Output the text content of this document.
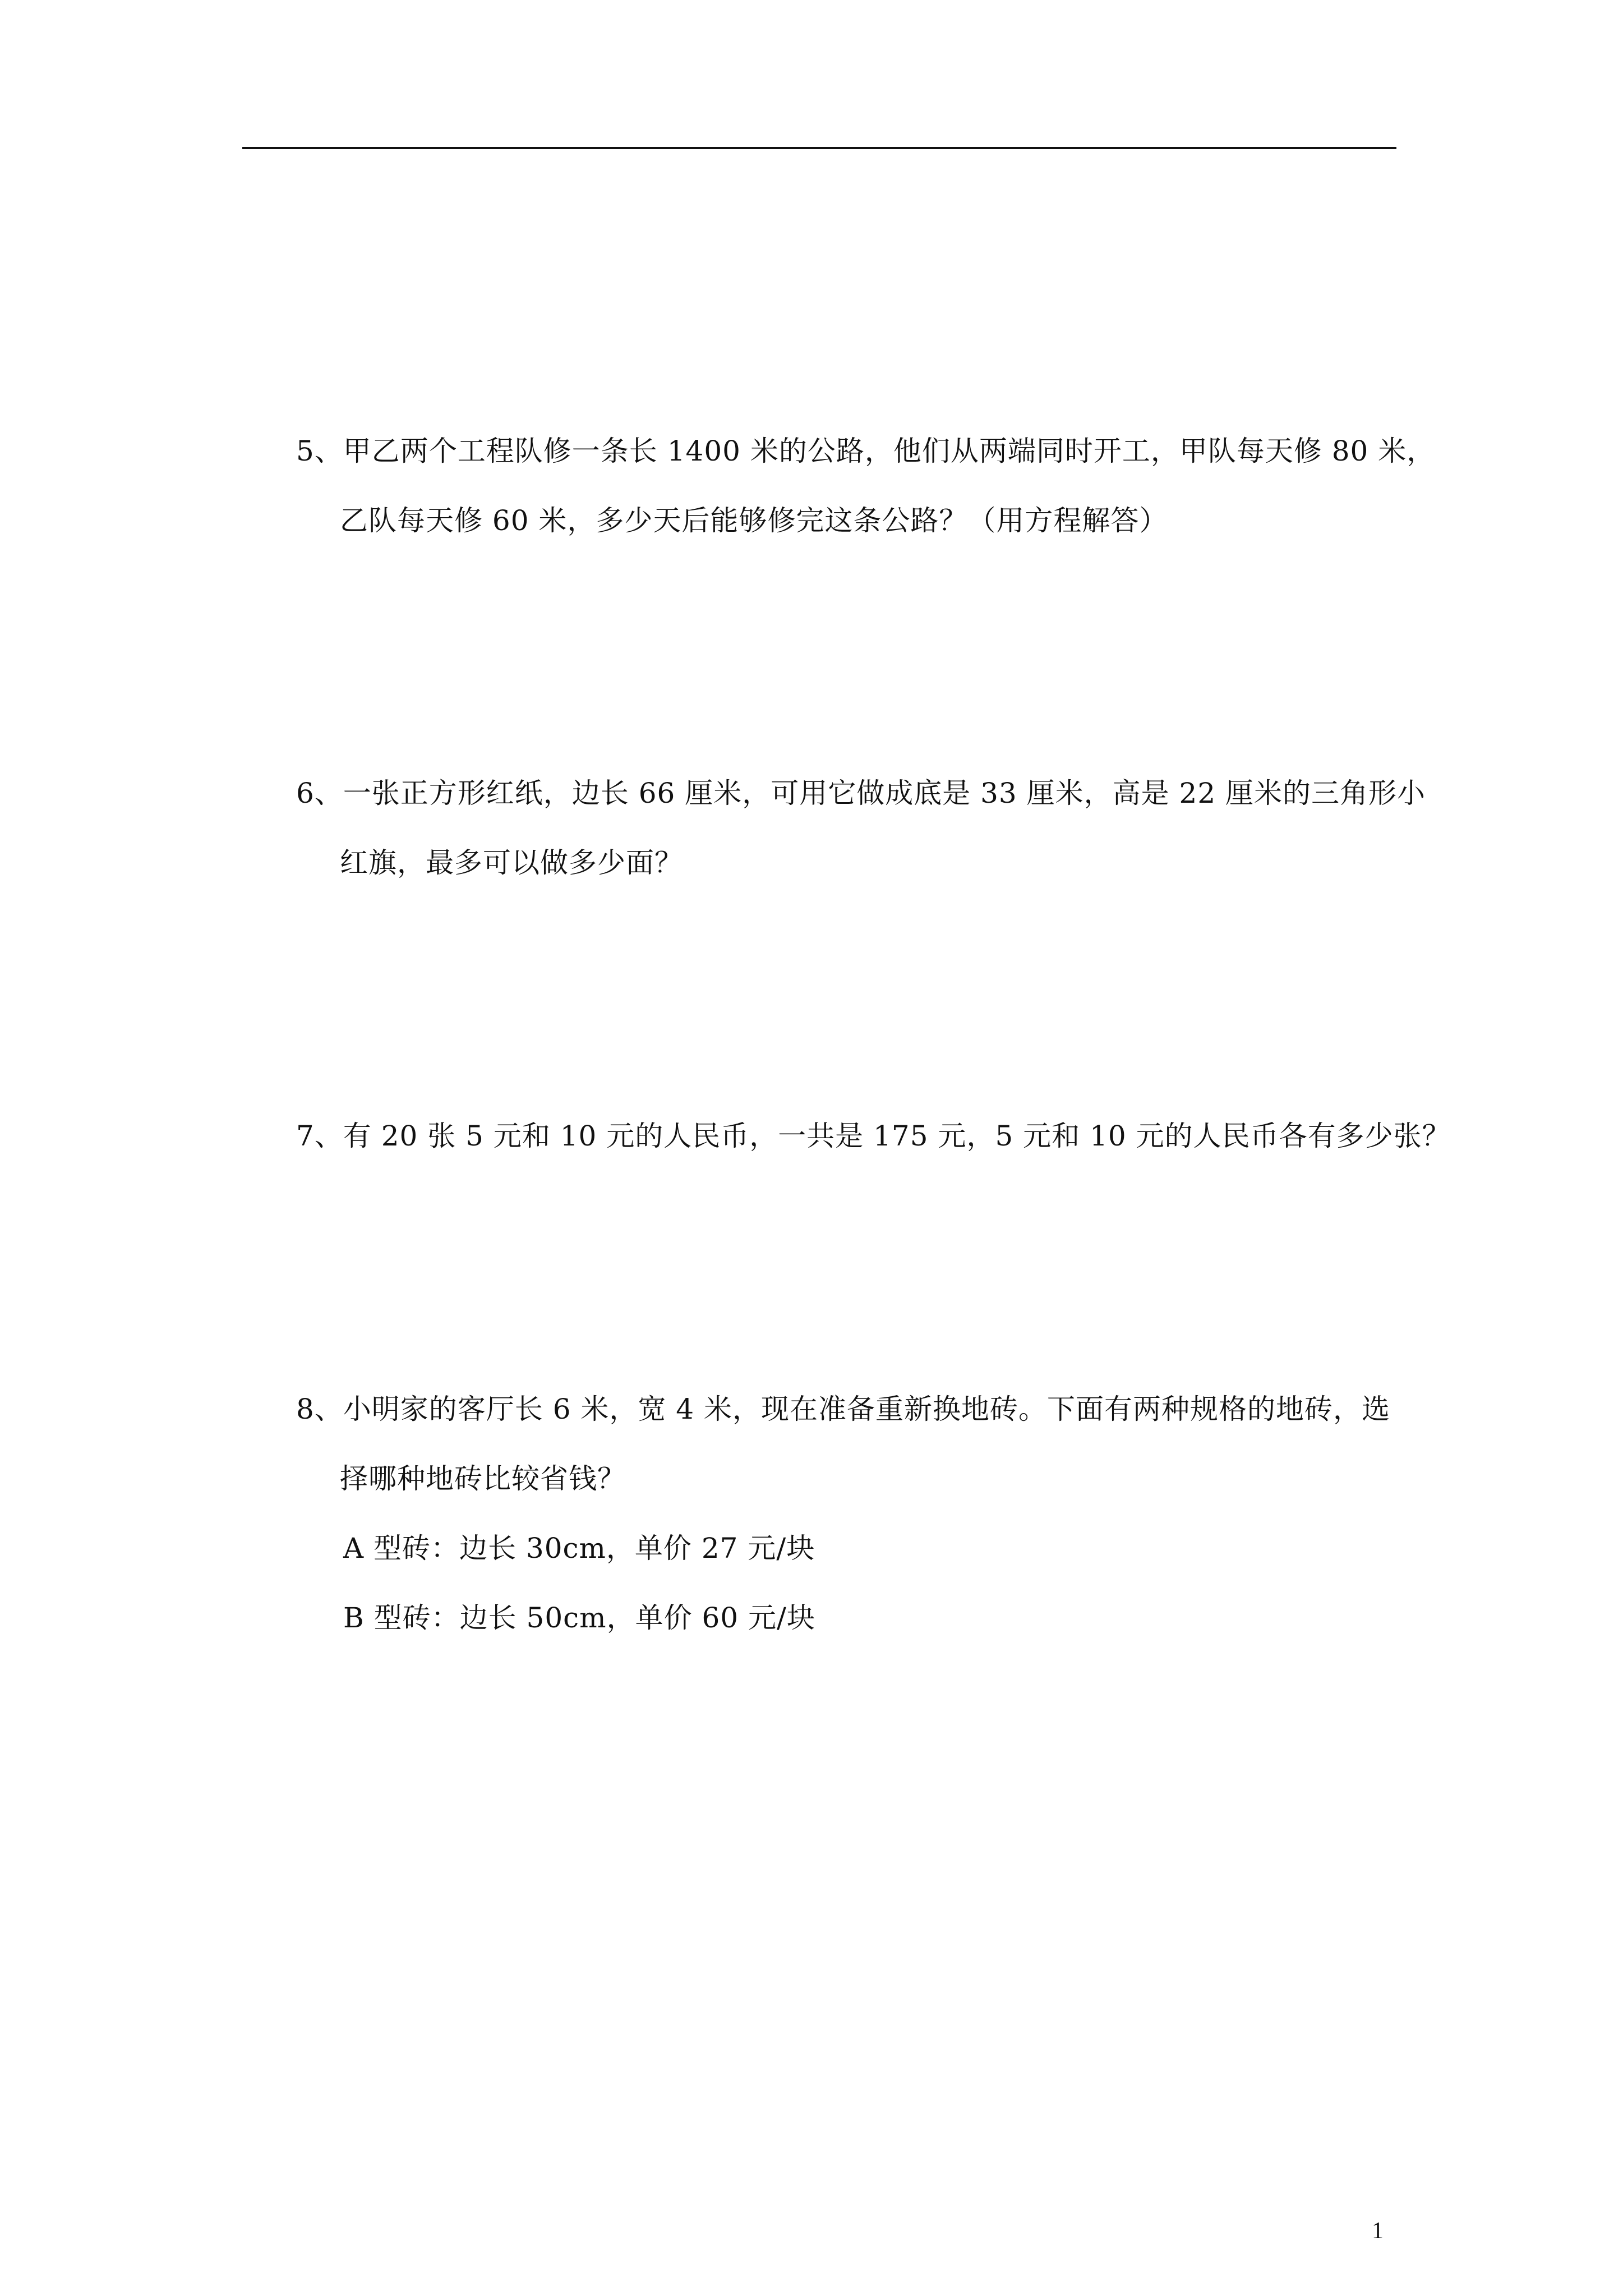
5、甲乙两个工程队修一条长 1400 米的公路，他们从两端同时开工，甲队每天修 80 米，
乙队每天修 60 米，多少天后能够修完这条公路？（用方程解答）
6、一张正方形红纸，边长 66 厘米，可用它做成底是 33 厘米，高是 22 厘米的三角形小
红旗，最多可以做多少面？
7、有 20 张 5 元和 10 元的人民币，一共是 175 元，5 元和 10 元的人民币各有多少张？
8、小明家的客厅长 6 米，宽 4 米，现在准备重新换地砖。下面有两种规格的地砖，选
择哪种地砖比较省钱？
A 型砖：边长 30cm，单价 27 元/块
B 型砖：边长 50cm，单价 60 元/块
1
